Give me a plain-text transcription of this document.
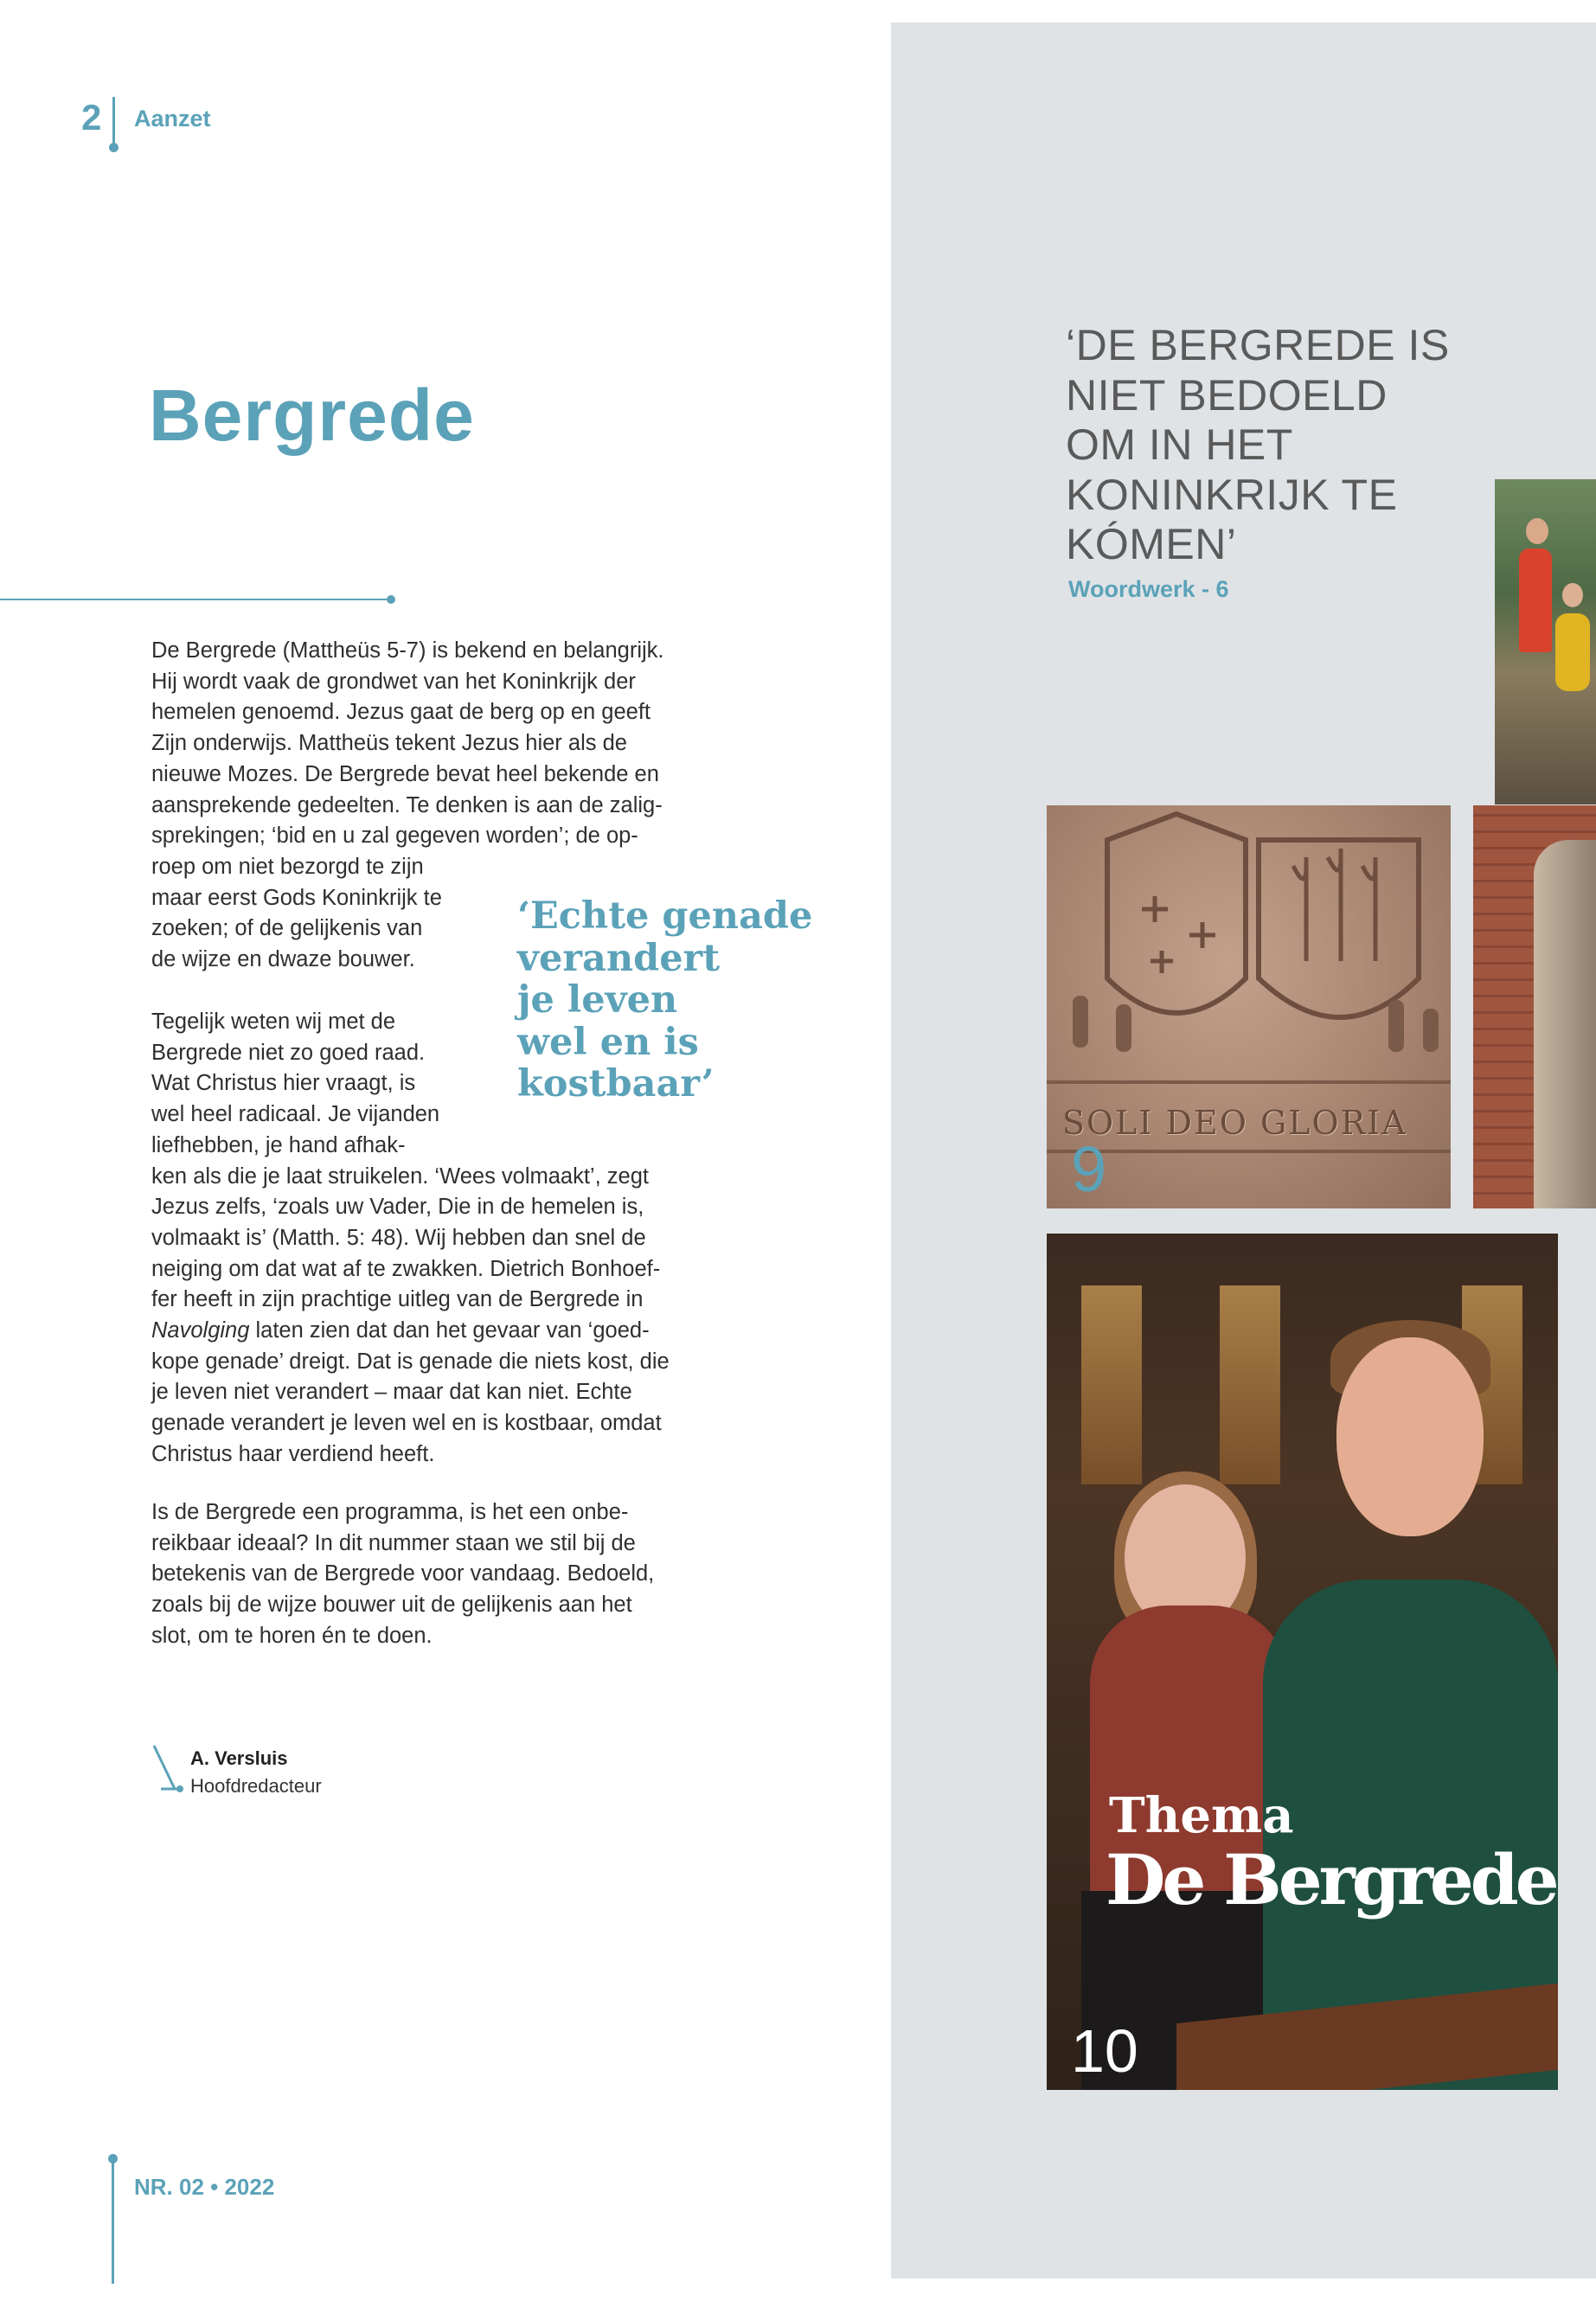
2 Aanzet
Bergrede

De Bergrede (Mattheüs 5-7) is bekend en belangrijk.
Hij wordt vaak de grondwet van het Koninkrijk der
hemelen genoemd. Jezus gaat de berg op en geeft
Zijn onderwijs. Mattheüs tekent Jezus hier als de
nieuwe Mozes. De Bergrede bevat heel bekende en
aansprekende gedeelten. Te denken is aan de zalig-
sprekingen; ‘bid en u zal gegeven worden’; de op-
roep om niet bezorgd te zijn
maar eerst Gods Koninkrijk te
zoeken; of de gelijkenis van
de wijze en dwaze bouwer.

Tegelijk weten wij met de
Bergrede niet zo goed raad.
Wat Christus hier vraagt, is
wel heel radicaal. Je vijanden
liefhebben, je hand afhak-
ken als die je laat struikelen. ‘Wees volmaakt’, zegt
Jezus zelfs, ‘zoals uw Vader, Die in de hemelen is,
volmaakt is’ (Matth. 5: 48). Wij hebben dan snel de
neiging om dat wat af te zwakken. Dietrich Bonhoef-
fer heeft in zijn prachtige uitleg van de Bergrede in
Navolging laten zien dat dan het gevaar van ‘goed-
kope genade’ dreigt. Dat is genade die niets kost, die
je leven niet verandert – maar dat kan niet. Echte
genade verandert je leven wel en is kostbaar, omdat
Christus haar verdiend heeft.

Is de Bergrede een programma, is het een onbe-
reikbaar ideaal? In dit nummer staan we stil bij de
betekenis van de Bergrede voor vandaag. Bedoeld,
zoals bij de wijze bouwer uit de gelijkenis aan het
slot, om te horen én te doen.

‘Echte genade
verandert
je leven
wel en is
kostbaar’
A. Versluis
Hoofdredacteur
NR. 02 • 2022
‘DE BERGREDE IS
NIET BEDOELD
OM IN HET
KONINKRIJK TE
KÓMEN’
Woordwerk - 6
SOLI DEO GLORIA
9
Thema
De Bergrede
10
